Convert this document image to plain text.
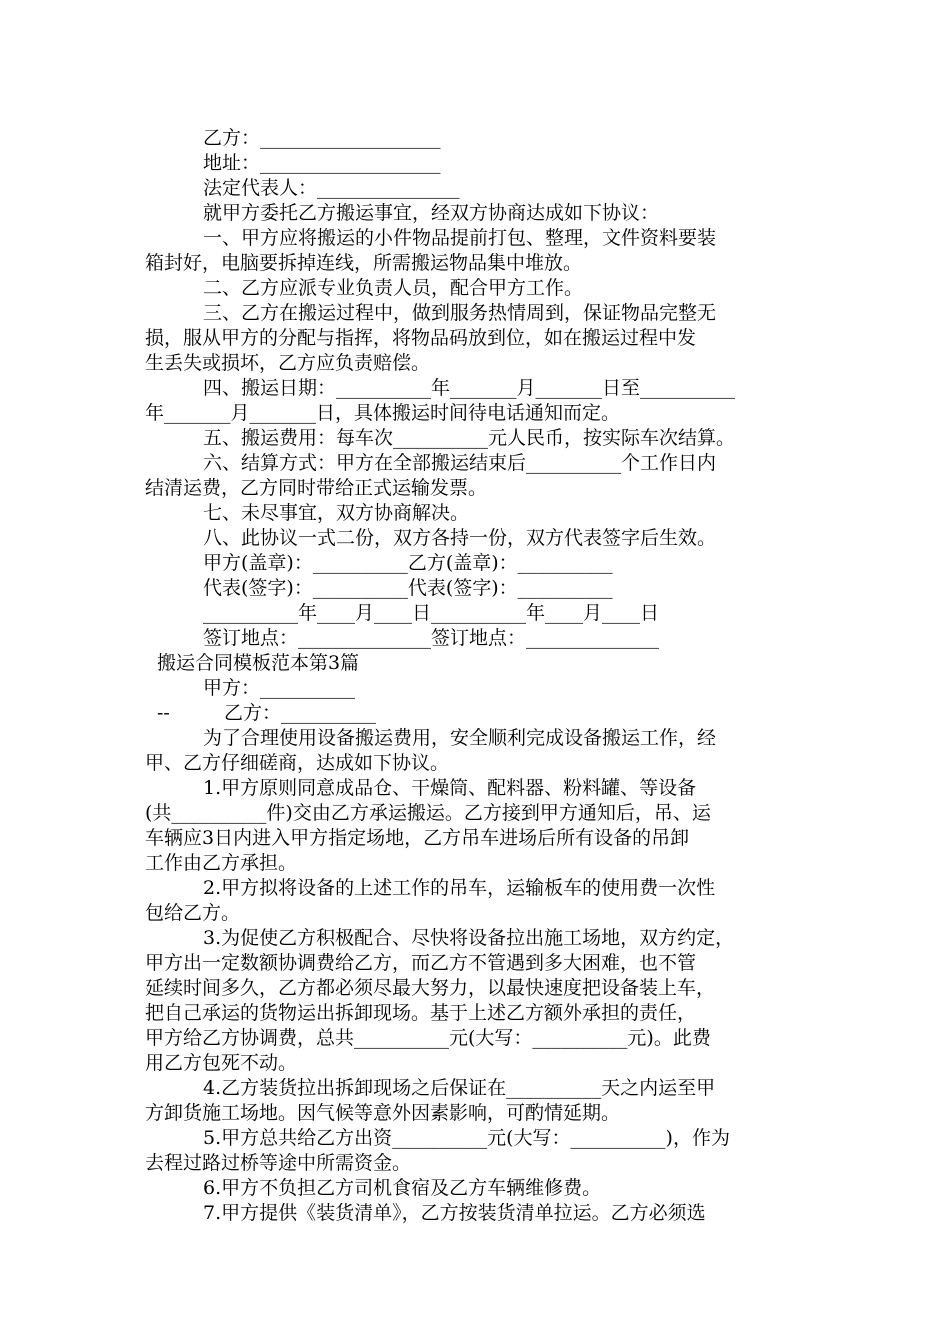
乙方：___________________
地址：___________________
法定代表人：_______________
就甲方委托乙方搬运事宜，经双方协商达成如下协议：
一、甲方应将搬运的小件物品提前打包、整理，文件资料要装
箱封好，电脑要拆掉连线，所需搬运物品集中堆放。
二、乙方应派专业负责人员，配合甲方工作。
三、乙方在搬运过程中，做到服务热情周到，保证物品完整无
损，服从甲方的分配与指挥，将物品码放到位，如在搬运过程中发
生丢失或损坏，乙方应负责赔偿。
四、搬运日期：__________年_______月_______日至__________
年_______月_______日，具体搬运时间待电话通知而定。
五、搬运费用：每车次__________元人民币，按实际车次结算。
六、结算方式：甲方在全部搬运结束后__________个工作日内
结清运费，乙方同时带给正式运输发票。
七、未尽事宜，双方协商解决。
八、此协议一式二份，双方各持一份，双方代表签字后生效。
甲方(盖章)：__________乙方(盖章)：__________
代表(签字)：__________代表(签字)：__________
__________年____月____日__________年____月____日
签订地点：______________签订地点：______________
搬运合同模板范本第3篇
甲方：__________
--	乙方：__________
为了合理使用设备搬运费用，安全顺利完成设备搬运工作，经
甲、乙方仔细磋商，达成如下协议。
1.甲方原则同意成品仓、干燥筒、配料器、粉料罐、等设备
(共__________件)交由乙方承运搬运。乙方接到甲方通知后，吊、运
车辆应3日内进入甲方指定场地，乙方吊车进场后所有设备的吊卸
工作由乙方承担。
2.甲方拟将设备的上述工作的吊车，运输板车的使用费一次性
包给乙方。
3.为促使乙方积极配合、尽快将设备拉出施工场地，双方约定，
甲方出一定数额协调费给乙方，而乙方不管遇到多大困难，也不管
延续时间多久，乙方都必须尽最大努力，以最快速度把设备装上车，
把自己承运的货物运出拆卸现场。基于上述乙方额外承担的责任，
甲方给乙方协调费，总共__________元(大写：__________元)。此费
用乙方包死不动。
4.乙方装货拉出拆卸现场之后保证在__________天之内运至甲
方卸货施工场地。因气候等意外因素影响，可酌情延期。
5.甲方总共给乙方出资__________元(大写：__________)，作为
去程过路过桥等途中所需资金。
6.甲方不负担乙方司机食宿及乙方车辆维修费。
7.甲方提供《装货清单》，乙方按装货清单拉运。乙方必须选
